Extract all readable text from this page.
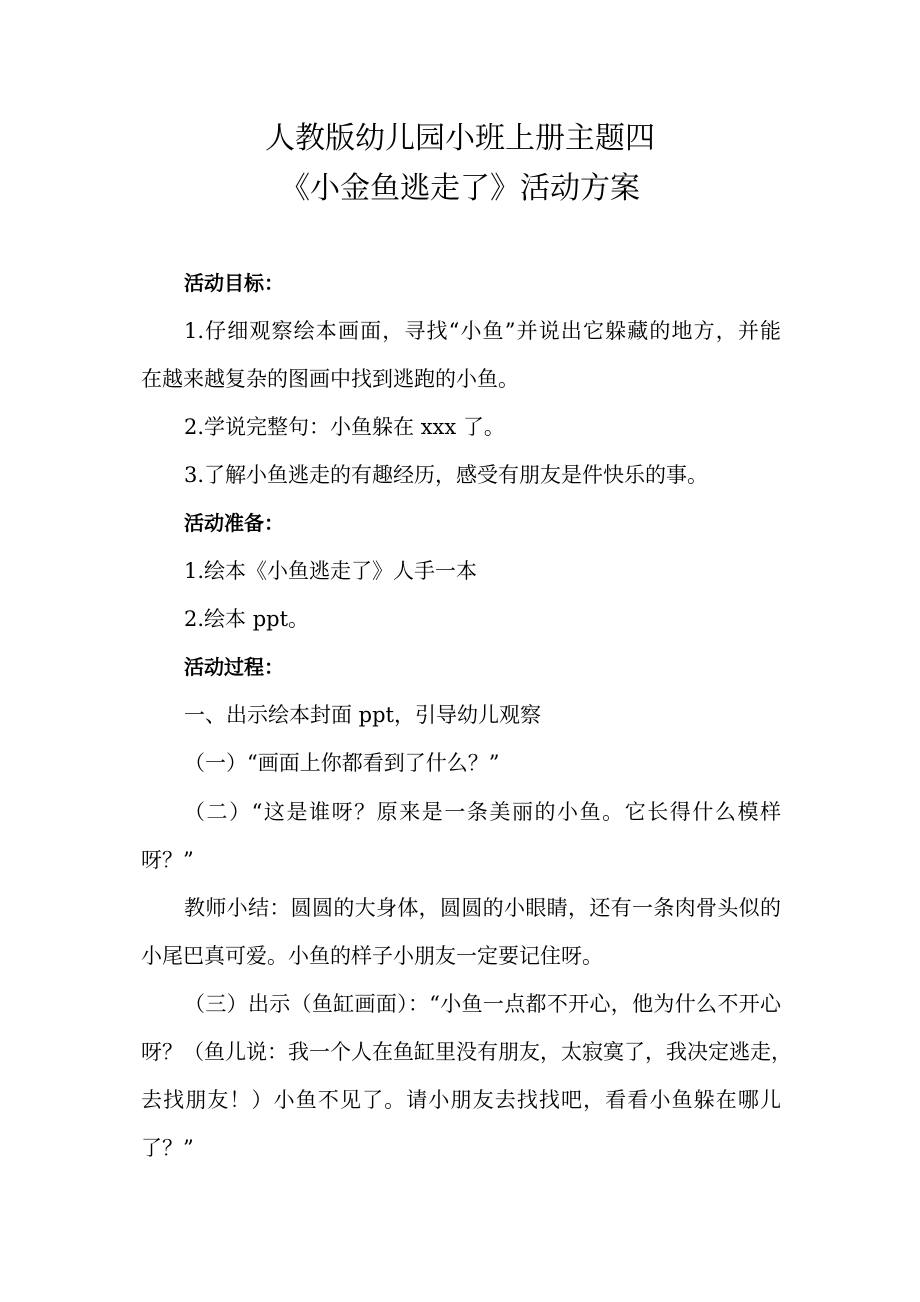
人教版幼儿园小班上册主题四
《小金鱼逃走了》活动方案
活动目标：
1.仔细观察绘本画面，寻找“小鱼”并说出它躲藏的地方，并能
在越来越复杂的图画中找到逃跑的小鱼。
2.学说完整句：小鱼躲在 xxx 了。
3.了解小鱼逃走的有趣经历，感受有朋友是件快乐的事。
活动准备：
1.绘本《小鱼逃走了》人手一本
2.绘本 ppt。
活动过程：
一、出示绘本封面 ppt，引导幼儿观察
（一）“画面上你都看到了什么？”
（二）“这是谁呀？原来是一条美丽的小鱼。它长得什么模样
呀？”
教师小结：圆圆的大身体，圆圆的小眼睛，还有一条肉骨头似的
小尾巴真可爱。小鱼的样子小朋友一定要记住呀。
（三）出示（鱼缸画面）：“小鱼一点都不开心，他为什么不开心
呀？（鱼儿说：我一个人在鱼缸里没有朋友，太寂寞了，我决定逃走，
去找朋友！）小鱼不见了。请小朋友去找找吧，看看小鱼躲在哪儿
了？”
